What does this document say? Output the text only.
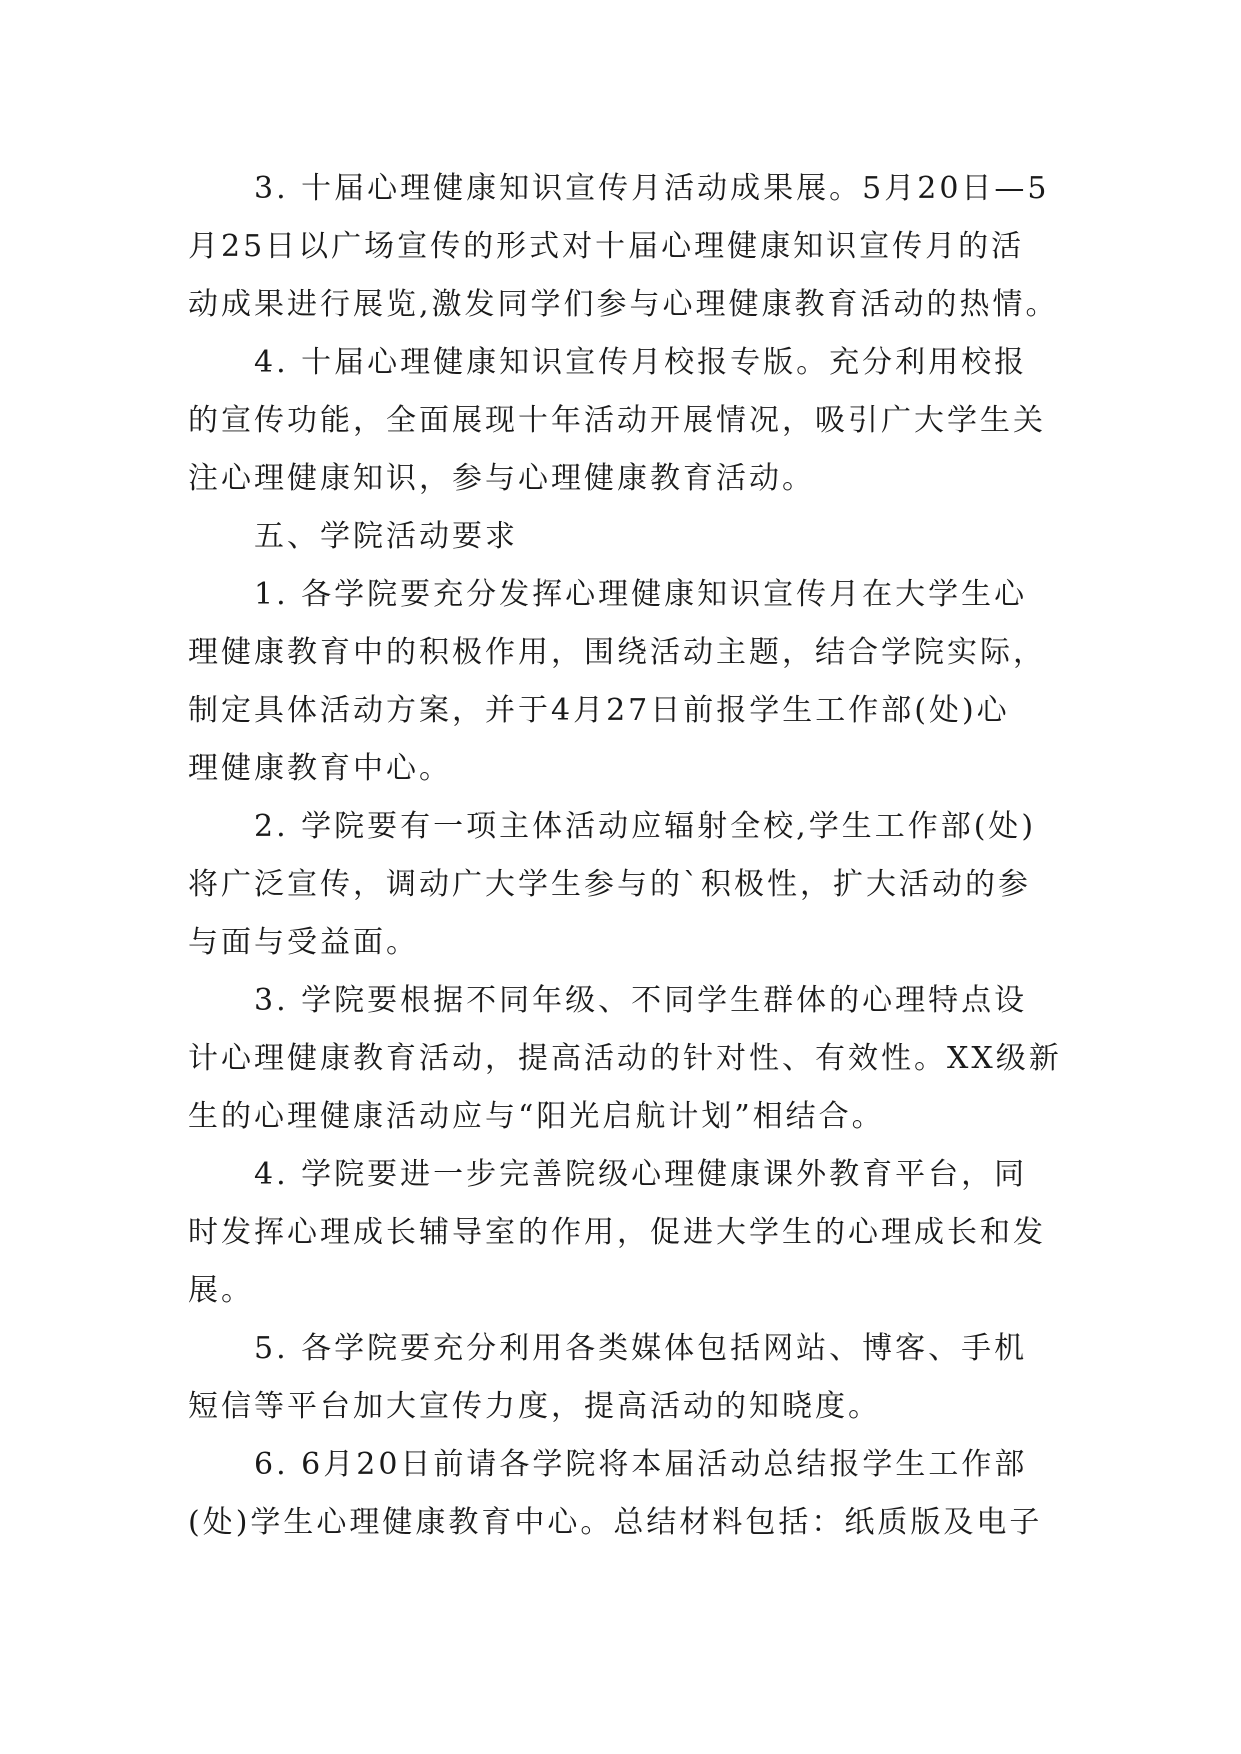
3. 十届心理健康知识宣传月活动成果展。5月20日—5
月25日以广场宣传的形式对十届心理健康知识宣传月的活
动成果进行展览,激发同学们参与心理健康教育活动的热情。
4. 十届心理健康知识宣传月校报专版。充分利用校报
的宣传功能，全面展现十年活动开展情况，吸引广大学生关
注心理健康知识，参与心理健康教育活动。
五、学院活动要求
1. 各学院要充分发挥心理健康知识宣传月在大学生心
理健康教育中的积极作用，围绕活动主题，结合学院实际，
制定具体活动方案，并于4月27日前报学生工作部(处)心
理健康教育中心。
2. 学院要有一项主体活动应辐射全校,学生工作部(处)
将广泛宣传，调动广大学生参与的`积极性，扩大活动的参
与面与受益面。
3. 学院要根据不同年级、不同学生群体的心理特点设
计心理健康教育活动，提高活动的针对性、有效性。XX级新
生的心理健康活动应与“阳光启航计划”相结合。
4. 学院要进一步完善院级心理健康课外教育平台，同
时发挥心理成长辅导室的作用，促进大学生的心理成长和发
展。
5. 各学院要充分利用各类媒体包括网站、博客、手机
短信等平台加大宣传力度，提高活动的知晓度。
6. 6月20日前请各学院将本届活动总结报学生工作部
(处)学生心理健康教育中心。总结材料包括：纸质版及电子
